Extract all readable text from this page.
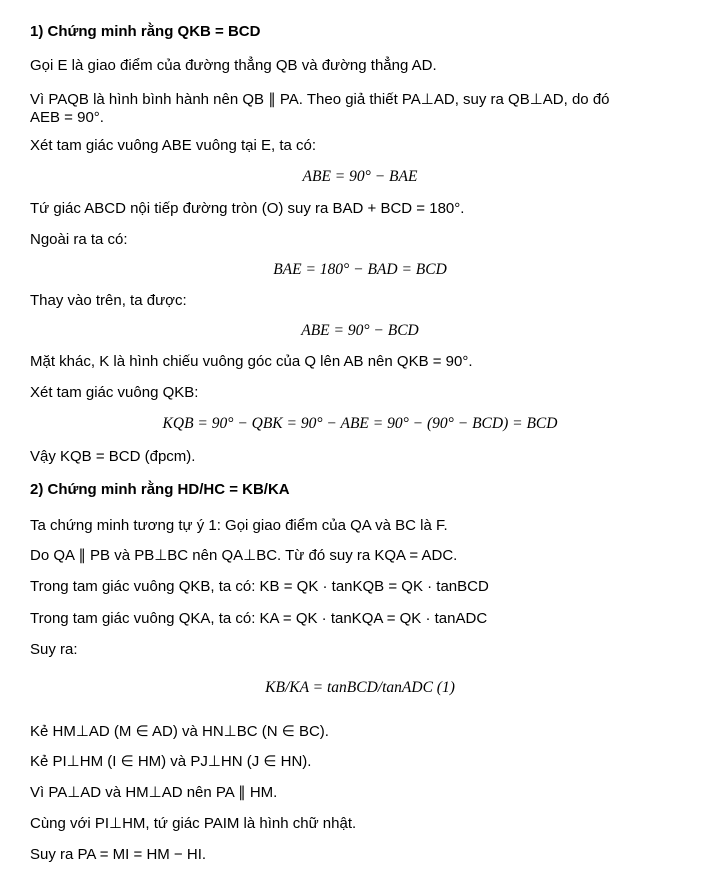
1) Chứng minh rằng QKB = BCD
Gọi E là giao điểm của đường thẳng QB và đường thẳng AD.
Vì PAQB là hình bình hành nên QB ∥ PA. Theo giả thiết PA⊥AD, suy ra QB⊥AD, do đó
AEB = 90°.
Xét tam giác vuông ABE vuông tại E, ta có:
ABE = 90° − BAE
Tứ giác ABCD nội tiếp đường tròn (O) suy ra BAD + BCD = 180°.
Ngoài ra ta có:
BAE = 180° − BAD = BCD
Thay vào trên, ta được:
ABE = 90° − BCD
Mặt khác, K là hình chiếu vuông góc của Q lên AB nên QKB = 90°.
Xét tam giác vuông QKB:
KQB = 90° − QBK = 90° − ABE = 90° − (90° − BCD) = BCD
Vậy KQB = BCD (đpcm).
2) Chứng minh rằng HD/HC = KB/KA
Ta chứng minh tương tự ý 1: Gọi giao điểm của QA và BC là F.
Do QA ∥ PB và PB⊥BC nên QA⊥BC. Từ đó suy ra KQA = ADC.
Trong tam giác vuông QKB, ta có: KB = QK · tanKQB = QK · tanBCD
Trong tam giác vuông QKA, ta có: KA = QK · tanKQA = QK · tanADC
Suy ra:
KB/KA = tanBCD/tanADC (1)
Kẻ HM⊥AD (M ∈ AD) và HN⊥BC (N ∈ BC).
Kẻ PI⊥HM (I ∈ HM) và PJ⊥HN (J ∈ HN).
Vì PA⊥AD và HM⊥AD nên PA ∥ HM.
Cùng với PI⊥HM, tứ giác PAIM là hình chữ nhật.
Suy ra PA = MI = HM − HI.
